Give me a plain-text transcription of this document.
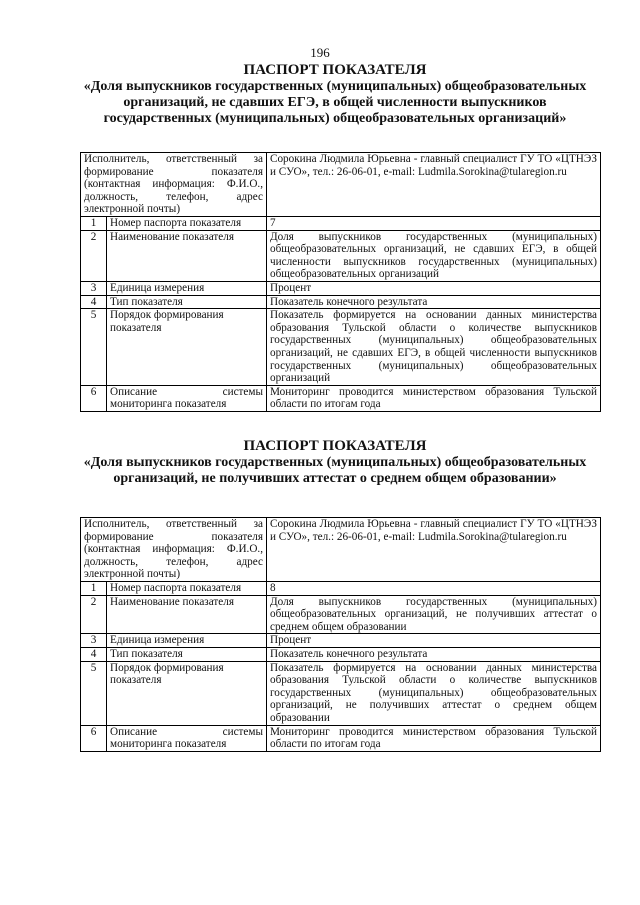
196
ПАСПОРТ ПОКАЗАТЕЛЯ
«Доля выпускников государственных (муниципальных) общеобразовательных организаций, не сдавших ЕГЭ, в общей численности выпускников государственных (муниципальных) общеобразовательных организаций»
Исполнитель, ответственный за формирование показателя (контактная информация: Ф.И.О., должность, телефон, адрес электронной почты)		Сорокина Людмила Юрьевна - главный специалист ГУ ТО «ЦТНЭЗ и СУО», тел.: 26-06-01, e-mail: Ludmila.Sorokina@tularegion.ru
1	Номер паспорта показателя	7
2	Наименование показателя	Доля выпускников государственных (муниципальных) общеобразовательных организаций, не сдавших ЕГЭ, в общей численности выпускников государственных (муниципальных) общеобразовательных организаций
3	Единица измерения	Процент
4	Тип показателя	Показатель конечного результата
5	Порядок формирования показателя	Показатель формируется на основании данных министерства образования Тульской области о количестве выпускников государственных (муниципальных) общеобразовательных организаций, не сдавших ЕГЭ, в общей численности выпускников государственных (муниципальных) общеобразовательных организаций
6	Описание системы мониторинга показателя	Мониторинг проводится министерством образования Тульской области по итогам года
ПАСПОРТ ПОКАЗАТЕЛЯ
«Доля выпускников государственных (муниципальных) общеобразовательных организаций, не получивших аттестат о среднем общем образовании»
Исполнитель, ответственный за формирование показателя (контактная информация: Ф.И.О., должность, телефон, адрес электронной почты)		Сорокина Людмила Юрьевна - главный специалист ГУ ТО «ЦТНЭЗ и СУО», тел.: 26-06-01, e-mail: Ludmila.Sorokina@tularegion.ru
1	Номер паспорта показателя	8
2	Наименование показателя	Доля выпускников государственных (муниципальных) общеобразовательных организаций, не получивших аттестат о среднем общем образовании
3	Единица измерения	Процент
4	Тип показателя	Показатель конечного результата
5	Порядок формирования показателя	Показатель формируется на основании данных министерства образования Тульской области о количестве выпускников государственных (муниципальных) общеобразовательных организаций, не получивших аттестат о среднем общем образовании
6	Описание системы мониторинга показателя	Мониторинг проводится министерством образования Тульской области по итогам года
